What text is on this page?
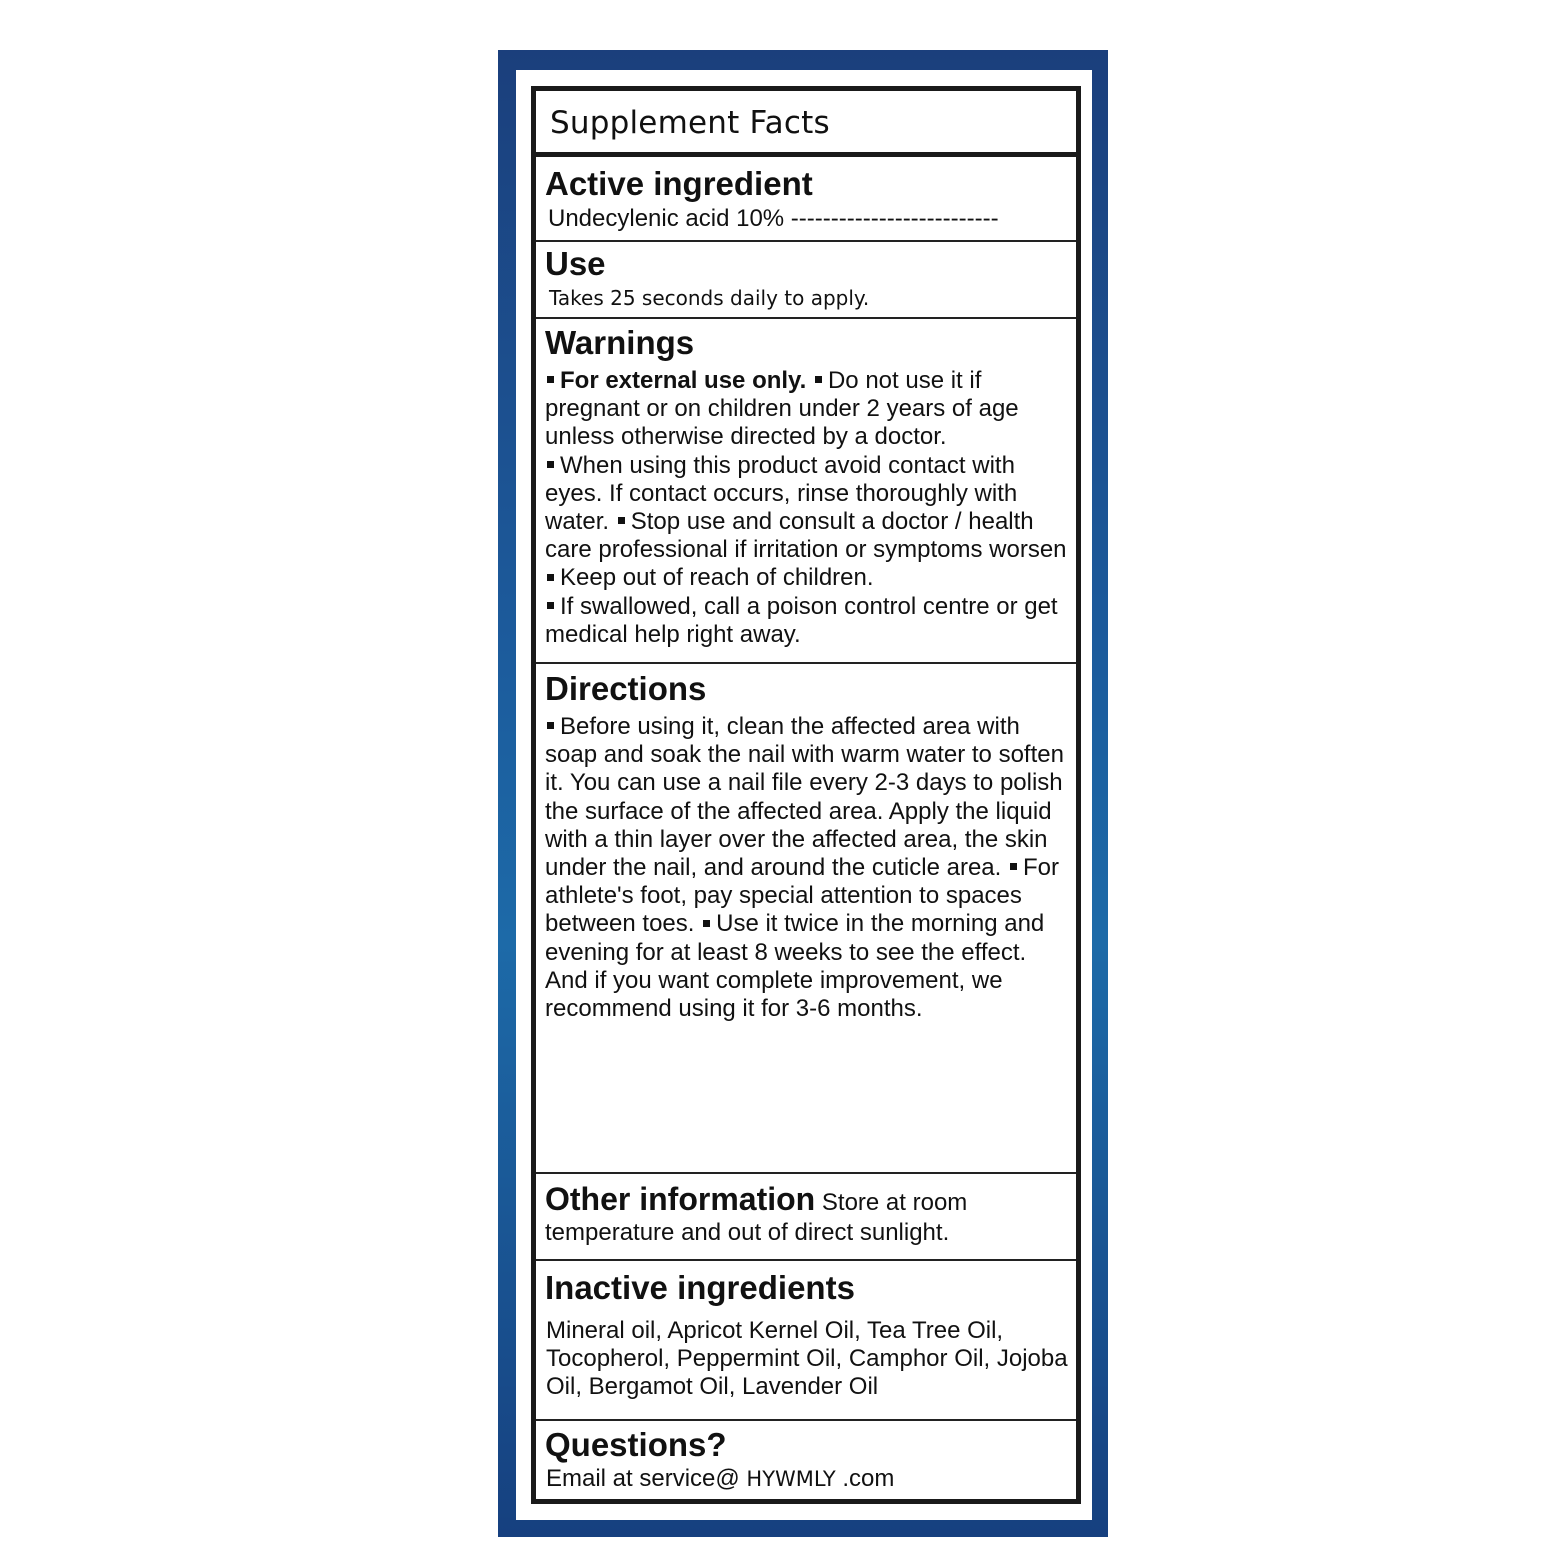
Supplement Facts
Active ingredient
Undecylenic acid 10% --------------------------
Use
Takes 25 seconds daily to apply.
Warnings
For external use only. Do not use it if pregnant or on children under 2 years of age unless otherwise directed by a doctor.
When using this product avoid contact with eyes. If contact occurs, rinse thoroughly with water. Stop use and consult a doctor / health care professional if irritation or symptoms worsen Keep out of reach of children.
If swallowed, call a poison control centre or get medical help right away.
Directions
Before using it, clean the affected area with soap and soak the nail with warm water to soften it. You can use a nail file every 2-3 days to polish the surface of the affected area. Apply the liquid with a thin layer over the affected area, the skin under the nail, and around the cuticle area. For athlete's foot, pay special attention to spaces between toes. Use it twice in the morning and evening for at least 8 weeks to see the effect. And if you want complete improvement, we recommend using it for 3-6 months.
Other information Store at room temperature and out of direct sunlight.
Inactive ingredients
Mineral oil, Apricot Kernel Oil, Tea Tree Oil, Tocopherol, Peppermint Oil, Camphor Oil, Jojoba Oil, Bergamot Oil, Lavender Oil
Questions?
Email at service@ HYWMLY .com
